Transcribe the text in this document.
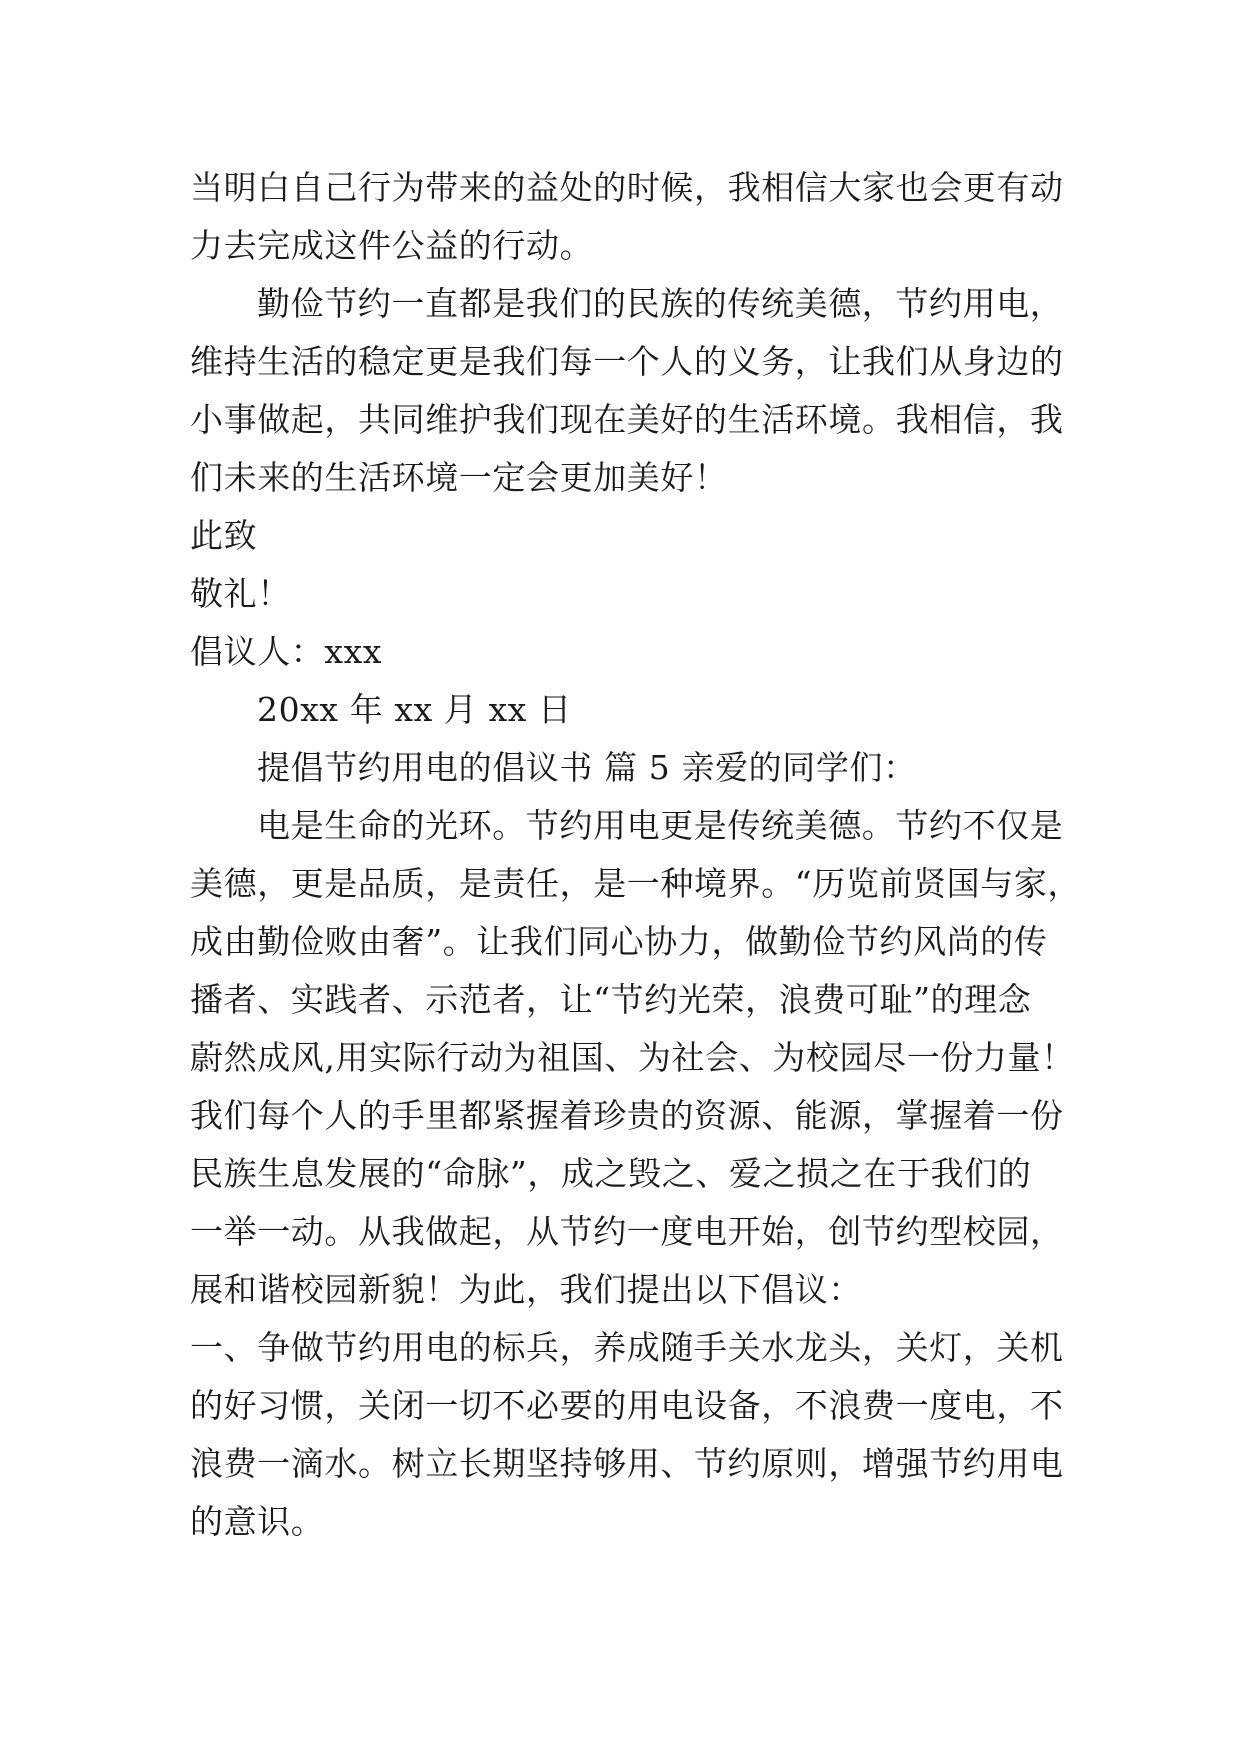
当明白自己行为带来的益处的时候，我相信大家也会更有动
力去完成这件公益的行动。
勤俭节约一直都是我们的民族的传统美德，节约用电，
维持生活的稳定更是我们每一个人的义务，让我们从身边的
小事做起，共同维护我们现在美好的生活环境。我相信，我
们未来的生活环境一定会更加美好！
此致
敬礼！
倡议人：xxx
20xx 年 xx 月 xx 日
提倡节约用电的倡议书 篇 5 亲爱的同学们：
电是生命的光环。节约用电更是传统美德。节约不仅是
美德，更是品质，是责任，是一种境界。“历览前贤国与家，
成由勤俭败由奢”。让我们同心协力，做勤俭节约风尚的传
播者、实践者、示范者，让“节约光荣，浪费可耻”的理念
蔚然成风,用实际行动为祖国、为社会、为校园尽一份力量！
我们每个人的手里都紧握着珍贵的资源、能源，掌握着一份
民族生息发展的“命脉”，成之毁之、爱之损之在于我们的
一举一动。从我做起，从节约一度电开始，创节约型校园，
展和谐校园新貌！为此，我们提出以下倡议：
一、争做节约用电的标兵，养成随手关水龙头，关灯，关机
的好习惯，关闭一切不必要的用电设备，不浪费一度电，不
浪费一滴水。树立长期坚持够用、节约原则，增强节约用电
的意识。
